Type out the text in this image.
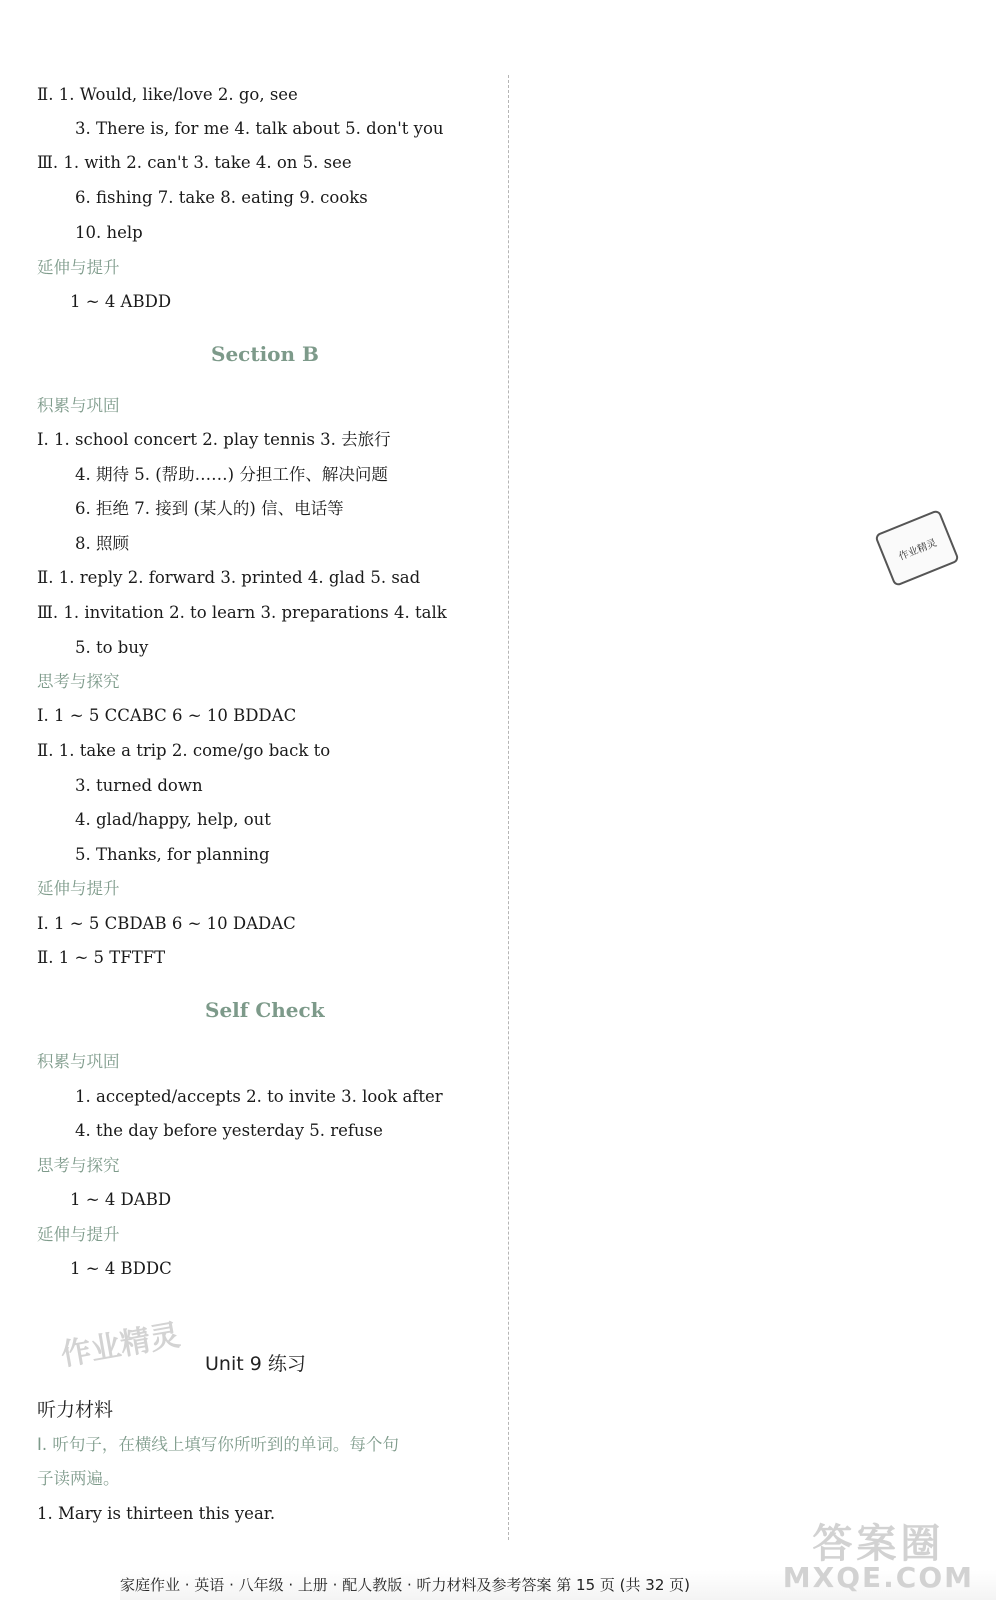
Ⅱ. 1. Would, like/love 2. go, see
3. There is, for me 4. talk about 5. don't you
Ⅲ. 1. with 2. can't 3. take 4. on 5. see
6. fishing 7. take 8. eating 9. cooks
10. help
延伸与提升
1 ~ 4 ABDD
Section B
积累与巩固
Ⅰ. 1. school concert 2. play tennis 3. 去旅行
4. 期待 5. (帮助……) 分担工作、解决问题
6. 拒绝 7. 接到 (某人的) 信、电话等
8. 照顾
Ⅱ. 1. reply 2. forward 3. printed 4. glad 5. sad
Ⅲ. 1. invitation 2. to learn 3. preparations 4. talk
5. to buy
思考与探究
Ⅰ. 1 ~ 5 CCABC 6 ~ 10 BDDAC
Ⅱ. 1. take a trip 2. come/go back to
3. turned down
4. glad/happy, help, out
5. Thanks, for planning
延伸与提升
Ⅰ. 1 ~ 5 CBDAB 6 ~ 10 DADAC
Ⅱ. 1 ~ 5 TFTFT
Self Check
积累与巩固
1. accepted/accepts 2. to invite 3. look after
4. the day before yesterday 5. refuse
思考与探究
1 ~ 4 DABD
延伸与提升
1 ~ 4 BDDC
Unit 9 练习
听力材料
Ⅰ. 听句子，在横线上填写你所听到的单词。每个句
子读两遍。
1. Mary is thirteen this year.
作业精灵
作业精灵
家庭作业 · 英语 · 八年级 · 上册 · 配人教版 · 听力材料及参考答案 第 15 页 (共 32 页)
答案圈
MXQE.COM
